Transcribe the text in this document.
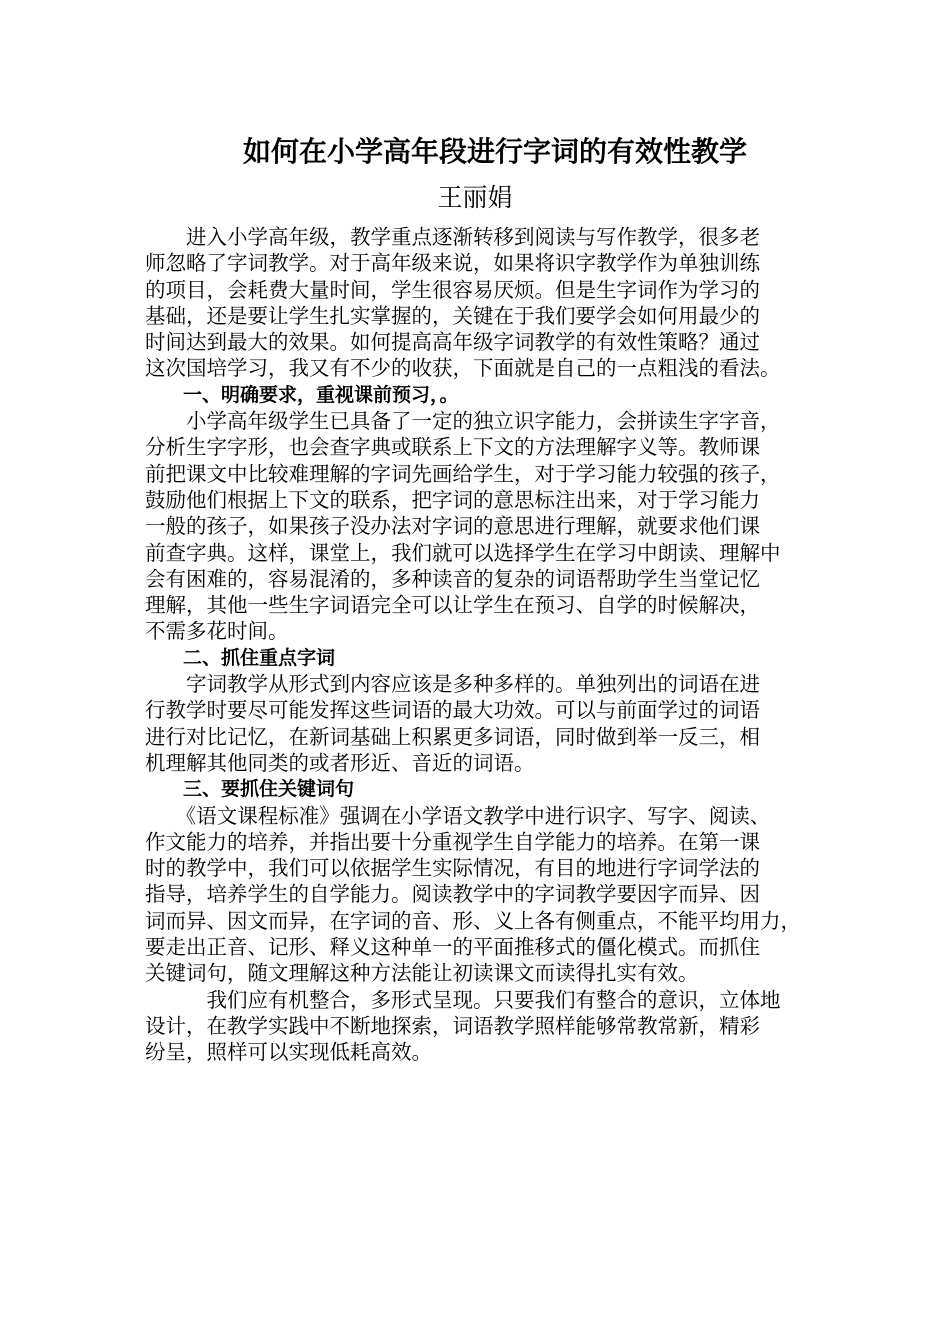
如何在小学高年段进行字词的有效性教学
王丽娟
　　进入小学高年级，教学重点逐渐转移到阅读与写作教学，很多老
师忽略了字词教学。对于高年级来说，如果将识字教学作为单独训练
的项目，会耗费大量时间，学生很容易厌烦。但是生字词作为学习的
基础，还是要让学生扎实掌握的，关键在于我们要学会如何用最少的
时间达到最大的效果。如何提高高年级字词教学的有效性策略？通过
这次国培学习，我又有不少的收获，下面就是自己的一点粗浅的看法。
　　一、明确要求，重视课前预习，。
　　小学高年级学生已具备了一定的独立识字能力，会拼读生字字音，
分析生字字形，也会查字典或联系上下文的方法理解字义等。教师课
前把课文中比较难理解的字词先画给学生，对于学习能力较强的孩子，
鼓励他们根据上下文的联系，把字词的意思标注出来，对于学习能力
一般的孩子，如果孩子没办法对字词的意思进行理解，就要求他们课
前查字典。这样，课堂上，我们就可以选择学生在学习中朗读、理解中
会有困难的，容易混淆的，多种读音的复杂的词语帮助学生当堂记忆
理解，其他一些生字词语完全可以让学生在预习、自学的时候解决，
不需多花时间。
　　二、抓住重点字词
　　字词教学从形式到内容应该是多种多样的。单独列出的词语在进
行教学时要尽可能发挥这些词语的最大功效。可以与前面学过的词语
进行对比记忆，在新词基础上积累更多词语，同时做到举一反三，相
机理解其他同类的或者形近、音近的词语。
　　三、要抓住关键词句
　　《语文课程标准》强调在小学语文教学中进行识字、写字、阅读、
作文能力的培养，并指出要十分重视学生自学能力的培养。在第一课
时的教学中，我们可以依据学生实际情况，有目的地进行字词学法的
指导，培养学生的自学能力。阅读教学中的字词教学要因字而异、因
词而异、因文而异，在字词的音、形、义上各有侧重点，不能平均用力，
要走出正音、记形、释义这种单一的平面推移式的僵化模式。而抓住
关键词句，随文理解这种方法能让初读课文而读得扎实有效。
　　　我们应有机整合，多形式呈现。只要我们有整合的意识，立体地
设计，在教学实践中不断地探索，词语教学照样能够常教常新，精彩
纷呈，照样可以实现低耗高效。
